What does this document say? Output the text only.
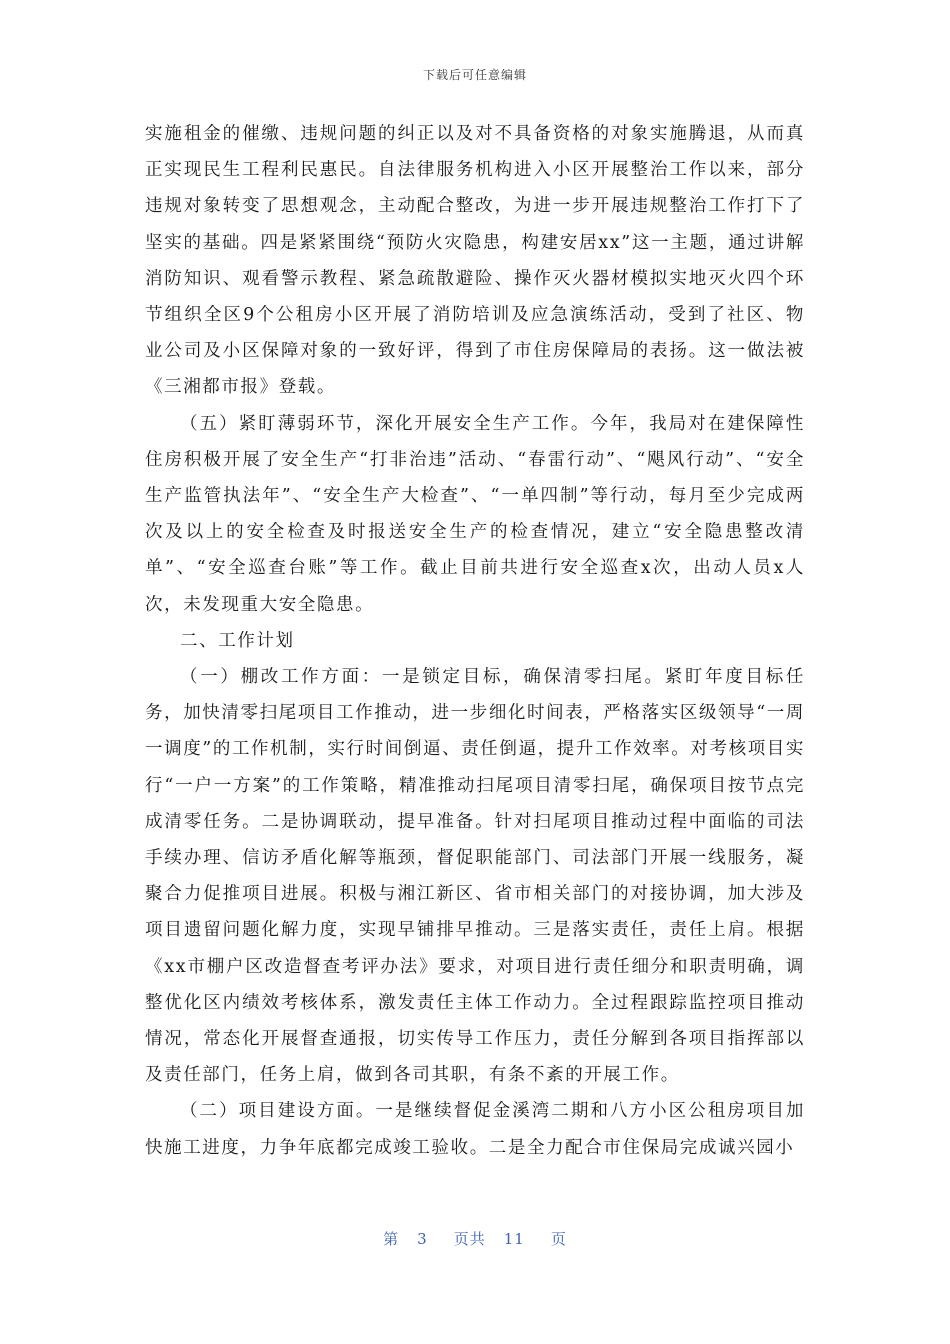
下载后可任意编辑

实施租金的催缴、违规问题的纠正以及对不具备资格的对象实施腾退，从而真正实现民生工程利民惠民。自法律服务机构进入小区开展整治工作以来，部分违规对象转变了思想观念，主动配合整改，为进一步开展违规整治工作打下了坚实的基础。四是紧紧围绕“预防火灾隐患，构建安居xx”这一主题，通过讲解消防知识、观看警示教程、紧急疏散避险、操作灭火器材模拟实地灭火四个环节组织全区9个公租房小区开展了消防培训及应急演练活动，受到了社区、物业公司及小区保障对象的一致好评，得到了市住房保障局的表扬。这一做法被《三湘都市报》登载。

（五）紧盯薄弱环节，深化开展安全生产工作。今年，我局对在建保障性住房积极开展了安全生产“打非治违”活动、“春雷行动”、“飓风行动”、“安全生产监管执法年”、“安全生产大检查”、“一单四制”等行动，每月至少完成两次及以上的安全检查及时报送安全生产的检查情况，建立“安全隐患整改清单”、“安全巡查台账”等工作。截止目前共进行安全巡查x次，出动人员x人次，未发现重大安全隐患。

二、工作计划

（一）棚改工作方面：一是锁定目标，确保清零扫尾。紧盯年度目标任务，加快清零扫尾项目工作推动，进一步细化时间表，严格落实区级领导“一周一调度”的工作机制，实行时间倒逼、责任倒逼，提升工作效率。对考核项目实行“一户一方案”的工作策略，精准推动扫尾项目清零扫尾，确保项目按节点完成清零任务。二是协调联动，提早准备。针对扫尾项目推动过程中面临的司法手续办理、信访矛盾化解等瓶颈，督促职能部门、司法部门开展一线服务，凝聚合力促推项目进展。积极与湘江新区、省市相关部门的对接协调，加大涉及项目遗留问题化解力度，实现早铺排早推动。三是落实责任，责任上肩。根据《xx市棚户区改造督查考评办法》要求，对项目进行责任细分和职责明确，调整优化区内绩效考核体系，激发责任主体工作动力。全过程跟踪监控项目推动情况，常态化开展督查通报，切实传导工作压力，责任分解到各项目指挥部以及责任部门，任务上肩，做到各司其职，有条不紊的开展工作。

（二）项目建设方面。一是继续督促金溪湾二期和八方小区公租房项目加快施工进度，力争年底都完成竣工验收。二是全力配合市住保局完成诚兴园小

第 3 页共 11 页
